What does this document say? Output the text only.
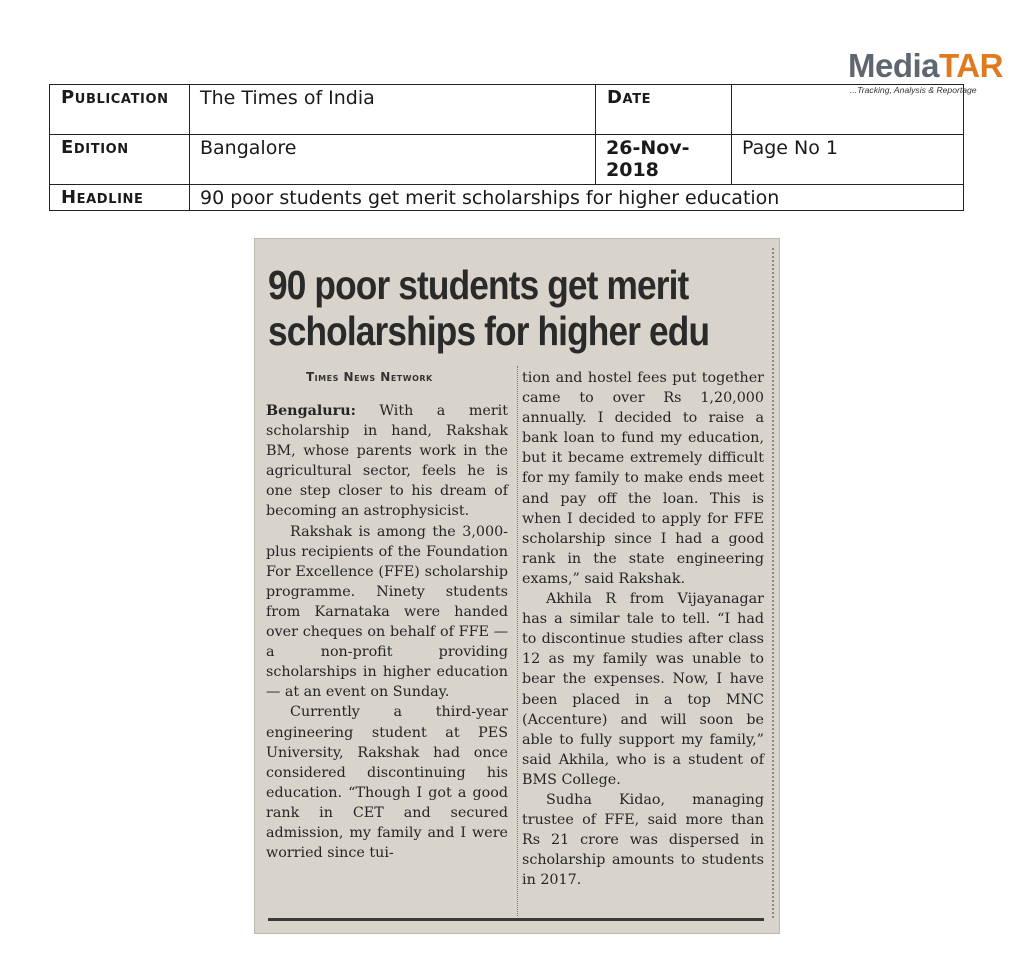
MediaTAR
...Tracking, Analysis & Reportage
Publication	The Times of India	Date	
Edition	Bangalore	26-Nov-2018	Page No 1
Headline	90 poor students get merit scholarships for higher education		
90 poor students get merit
scholarships for higher edu
Times News Network

Bengaluru: With a merit scholarship in hand, Rakshak BM, whose parents work in the agricultural sector, feels he is one step closer to his dream of becoming an astrophysicist.

Rakshak is among the 3,000-plus recipients of the Foundation For Excellence (FFE) scholarship programme. Ninety students from Karnataka were handed over cheques on behalf of FFE — a non-profit providing scholarships in higher education — at an event on Sunday.

Currently a third-year engineering student at PES University, Rakshak had once considered discontinuing his education. “Though I got a good rank in CET and secured admission, my family and I were worried since tui-

tion and hostel fees put together came to over Rs 1,20,000 annually. I decided to raise a bank loan to fund my education, but it became extremely difficult for my family to make ends meet and pay off the loan. This is when I decided to apply for FFE scholarship since I had a good rank in the state engineering exams,” said Rakshak.

Akhila R from Vijayanagar has a similar tale to tell. “I had to discontinue studies after class 12 as my family was unable to bear the expenses. Now, I have been placed in a top MNC (Accenture) and will soon be able to fully support my family,” said Akhila, who is a student of BMS College.

Sudha Kidao, managing trustee of FFE, said more than Rs 21 crore was dispersed in scholarship amounts to students in 2017.
